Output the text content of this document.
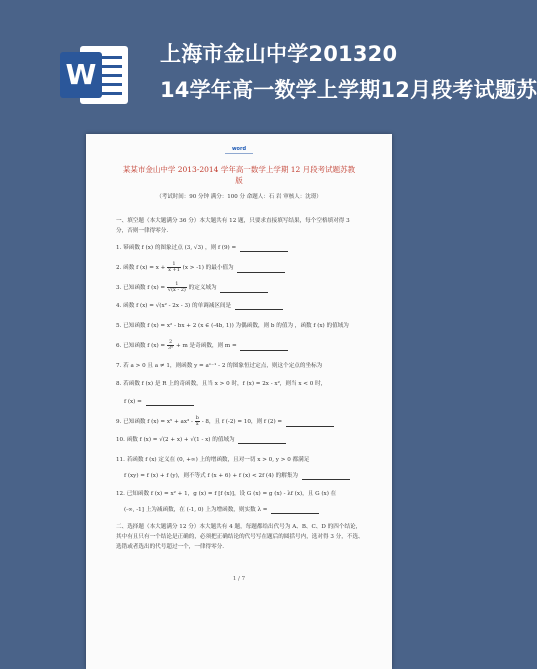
W
上海市金山中学201320
14学年高一数学上学期12月段考试题苏
word
某某市金山中学 2013-2014 学年高一数学上学期 12 月段考试题苏教
版
（考试时间：90 分钟 满分：100 分 命题人：石 岩 审核人：沈璟）
一、填空题（本大题满分 36 分）本大题共有 12 题，只要求直接填写结果，每个空格填对得 3
分，否则一律得零分.
1. 幂函数 f (x) 的图象过点 (3, √3) ，则 f (9) =
2. 函数 f $(x) = x + \frac{1}{x +1} (x > -1)$ 的最小值为
3. 已知函数 f $(x) = \frac{1}{√(x - 2)}$ 的定义域为
4. 函数 f (x) = √(x² - 2x - 3) 的单调减区间是
5. 已知函数 f (x) = x² - bx + 2 (x ∈ (-4b, 1)) 为偶函数，则 b 的值为 ，函数 f (x) 的值域为
6. 已知函数 f $(x) = \frac{2}{\text{3ˣ}} + m$ 是奇函数，则 m =
7. 若 a > 0 且 a ≠ 1，则函数 y = aˣ⁻¹ - 2 的图象恒过定点，则这个定点的坐标为
8. 若函数 f (x) 是 R 上的奇函数，且当 x > 0 时，f (x) = 2x - x²，则当 x < 0 时，
f (x) =
9. 已知函数 f $(x) = x^5 + ax^3 - \frac{b}{x} - 8$，且 f (-2) = 10，则 f (2) =
10. 函数 f (x) = √(2 + x) + √(1 - x) 的值域为
11. 若函数 f (x) 定义在 (0, +∞) 上的增函数，且对一切 x > 0, y > 0 都满足
f (xy) = f (x) + f (y)，则不等式 f (x + 6) + f (x) < 2f (4) 的解集为
12. 已知函数 f (x) = x² + 1，g (x) = f [f (x)]，设 G (x) = g (x) - λf (x)，且 G (x) 在
(-∞, -1] 上为减函数，在 (-1, 0) 上为增函数，则实数 λ =
二、选择题（本大题满分 12 分）本大题共有 4 题，每题都给出代号为 A、B、C、D 的四个结论，
其中有且只有一个结论是正确的，必须把正确结论的代号写在题后的圆括号内，选对得 3 分，不选、
选错或者选出的代号超过一个，一律得零分.
1 / 7
